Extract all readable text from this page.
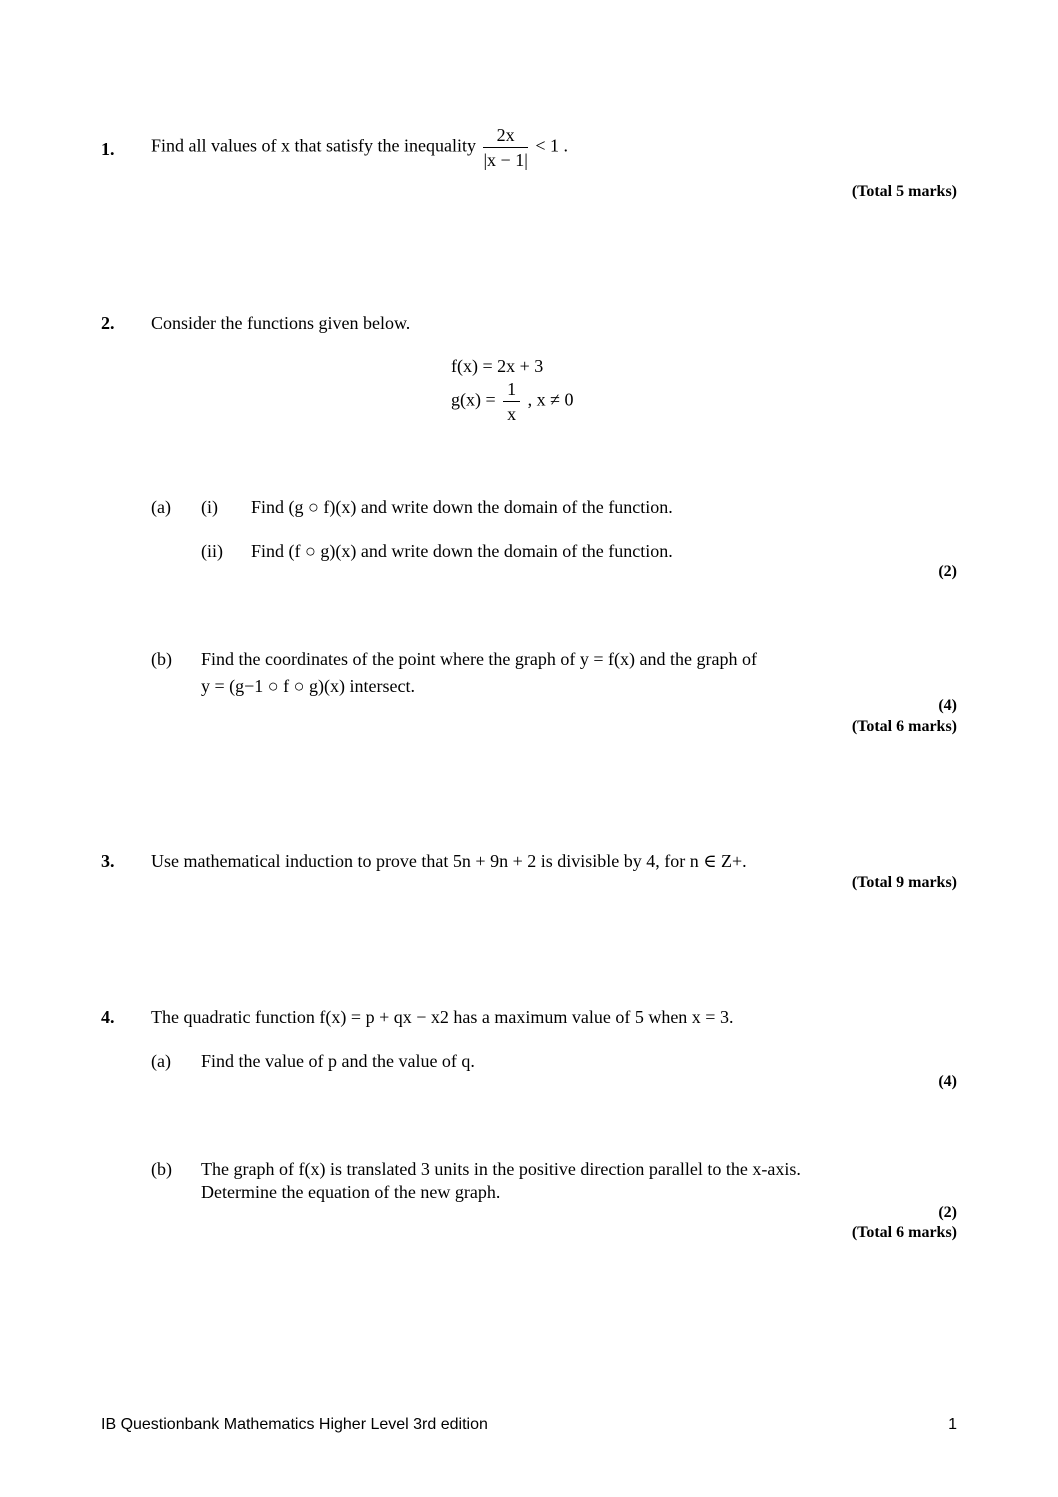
1. Find all values of x that satisfy the inequality $\frac{2x}{|x - 1|} < 1$ .
(Total 5 marks)
2. Consider the functions given below.
f(x) = 2x + 3
$g(x) = \frac{1}{x}$ , x ≠ 0
(a) (i) Find (g ○ f)(x) and write down the domain of the function.
(ii) Find (f ○ g)(x) and write down the domain of the function.
(2)
(b) Find the coordinates of the point where the graph of y = f(x) and the graph of
y = (g−1 ○ f ○ g)(x) intersect.
(4)
(Total 6 marks)
3. Use mathematical induction to prove that 5n + 9n + 2 is divisible by 4, for n ∈ Z+.
(Total 9 marks)
4. The quadratic function f(x) = p + qx − x2 has a maximum value of 5 when x = 3.
(a) Find the value of p and the value of q.
(4)
(b) The graph of f(x) is translated 3 units in the positive direction parallel to the x-axis.
Determine the equation of the new graph.
(2)
(Total 6 marks)
IB Questionbank Mathematics Higher Level 3rd edition	1
